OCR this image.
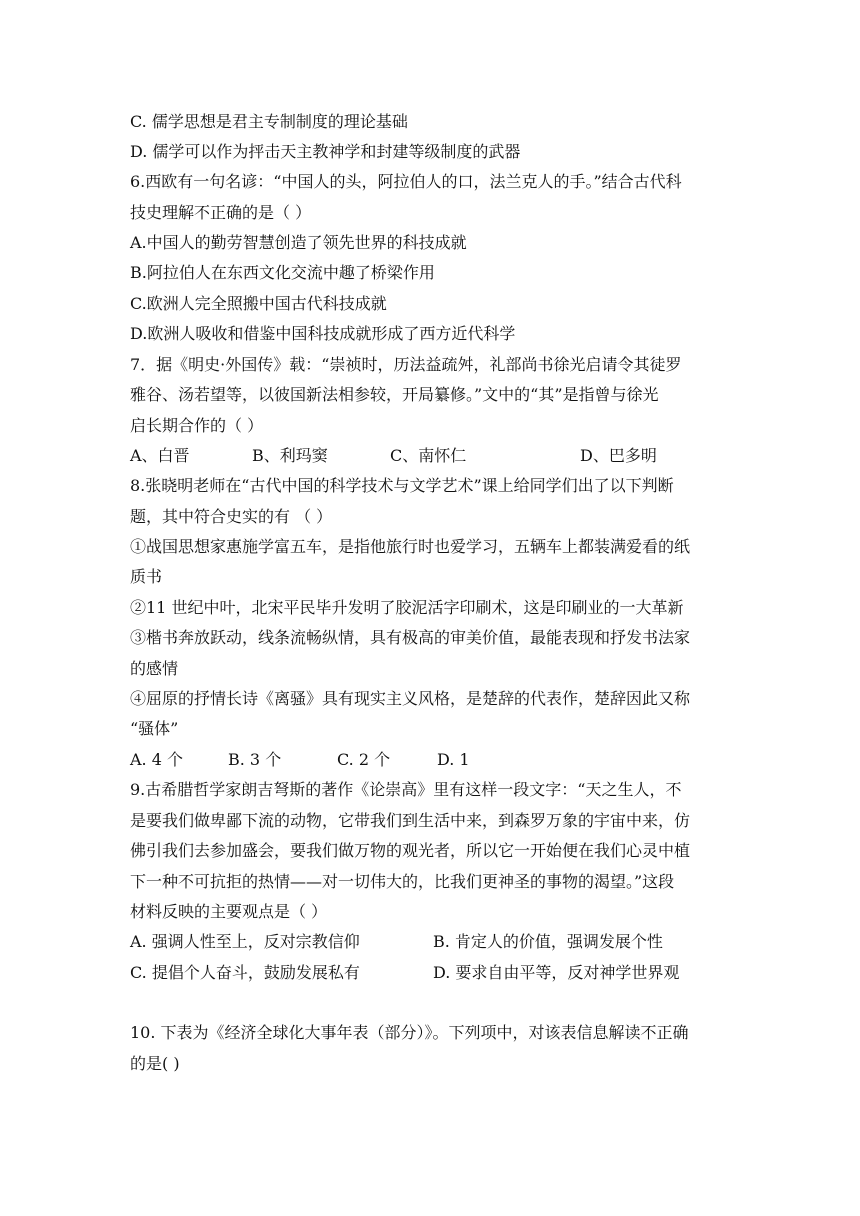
C. 儒学思想是君主专制制度的理论基础
D. 儒学可以作为抨击天主教神学和封建等级制度的武器
6.西欧有一句名谚：“中国人的头，阿拉伯人的口，法兰克人的手。”结合古代科
技史理解不正确的是（ ）
A.中国人的勤劳智慧创造了领先世界的科技成就
B.阿拉伯人在东西文化交流中趣了桥梁作用
C.欧洲人完全照搬中国古代科技成就
D.欧洲人吸收和借鉴中国科技成就形成了西方近代科学
7．据《明史·外国传》载：“崇祯时，历法益疏舛，礼部尚书徐光启请令其徒罗
雅谷、汤若望等，以彼国新法相参较，开局纂修。”文中的“其”是指曾与徐光
启长期合作的（ ）
A、白晋	B、利玛窦	C、南怀仁	D、巴多明
8.张晓明老师在“古代中国的科学技术与文学艺术”课上给同学们出了以下判断
题，其中符合史实的有 （ ）
①战国思想家惠施学富五车，是指他旅行时也爱学习，五辆车上都装满爱看的纸
质书
②11 世纪中叶，北宋平民毕升发明了胶泥活字印刷术，这是印刷业的一大革新
③楷书奔放跃动，线条流畅纵情，具有极高的审美价值，最能表现和抒发书法家
的感情
④屈原的抒情长诗《离骚》具有现实主义风格，是楚辞的代表作，楚辞因此又称
“骚体”
A. 4 个	B. 3 个	C. 2 个	D. 1
9.古希腊哲学家朗吉弩斯的著作《论崇高》里有这样一段文字：“天之生人，不
是要我们做卑鄙下流的动物，它带我们到生活中来，到森罗万象的宇宙中来，仿
佛引我们去参加盛会，要我们做万物的观光者，所以它一开始便在我们心灵中植
下一种不可抗拒的热情——对一切伟大的，比我们更神圣的事物的渴望。”这段
材料反映的主要观点是（ ）
A. 强调人性至上，反对宗教信仰	B. 肯定人的价值，强调发展个性
C. 提倡个人奋斗，鼓励发展私有	D. 要求自由平等，反对神学世界观
10. 下表为《经济全球化大事年表（部分）》。下列项中，对该表信息解读不正确
的是( )
